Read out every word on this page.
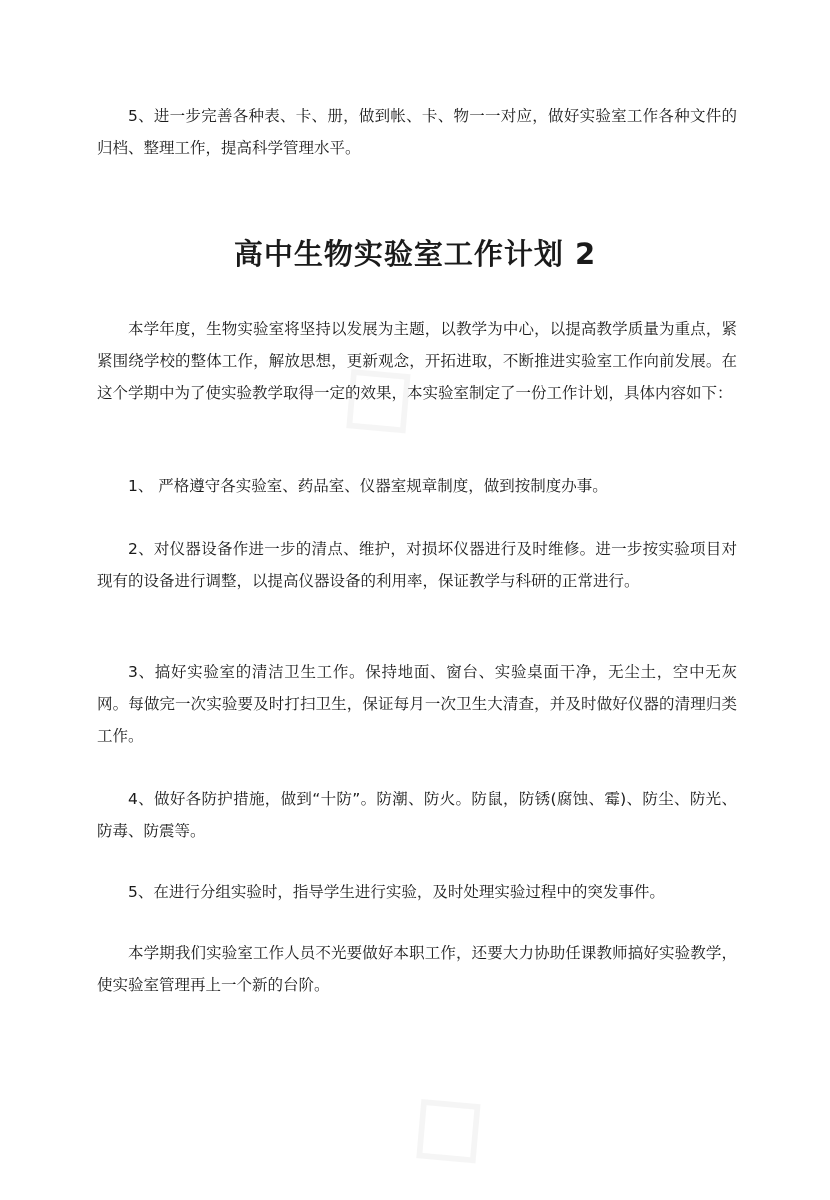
5、进一步完善各种表、卡、册，做到帐、卡、物一一对应，做好实验室工作各种文件的归档、整理工作，提高科学管理水平。

高中生物实验室工作计划 2

本学年度，生物实验室将坚持以发展为主题，以教学为中心，以提高教学质量为重点，紧紧围绕学校的整体工作，解放思想，更新观念，开拓进取，不断推进实验室工作向前发展。在这个学期中为了使实验教学取得一定的效果，本实验室制定了一份工作计划，具体内容如下：

1、 严格遵守各实验室、药品室、仪器室规章制度，做到按制度办事。

2、对仪器设备作进一步的清点、维护，对损坏仪器进行及时维修。进一步按实验项目对现有的设备进行调整，以提高仪器设备的利用率，保证教学与科研的正常进行。

3、搞好实验室的清洁卫生工作。保持地面、窗台、实验桌面干净，无尘土，空中无灰网。每做完一次实验要及时打扫卫生，保证每月一次卫生大清查，并及时做好仪器的清理归类工作。

4、做好各防护措施，做到“十防”。防潮、防火。防鼠，防锈(腐蚀、霉)、防尘、防光、防毒、防震等。

5、在进行分组实验时，指导学生进行实验，及时处理实验过程中的突发事件。

本学期我们实验室工作人员不光要做好本职工作，还要大力协助任课教师搞好实验教学，使实验室管理再上一个新的台阶。
